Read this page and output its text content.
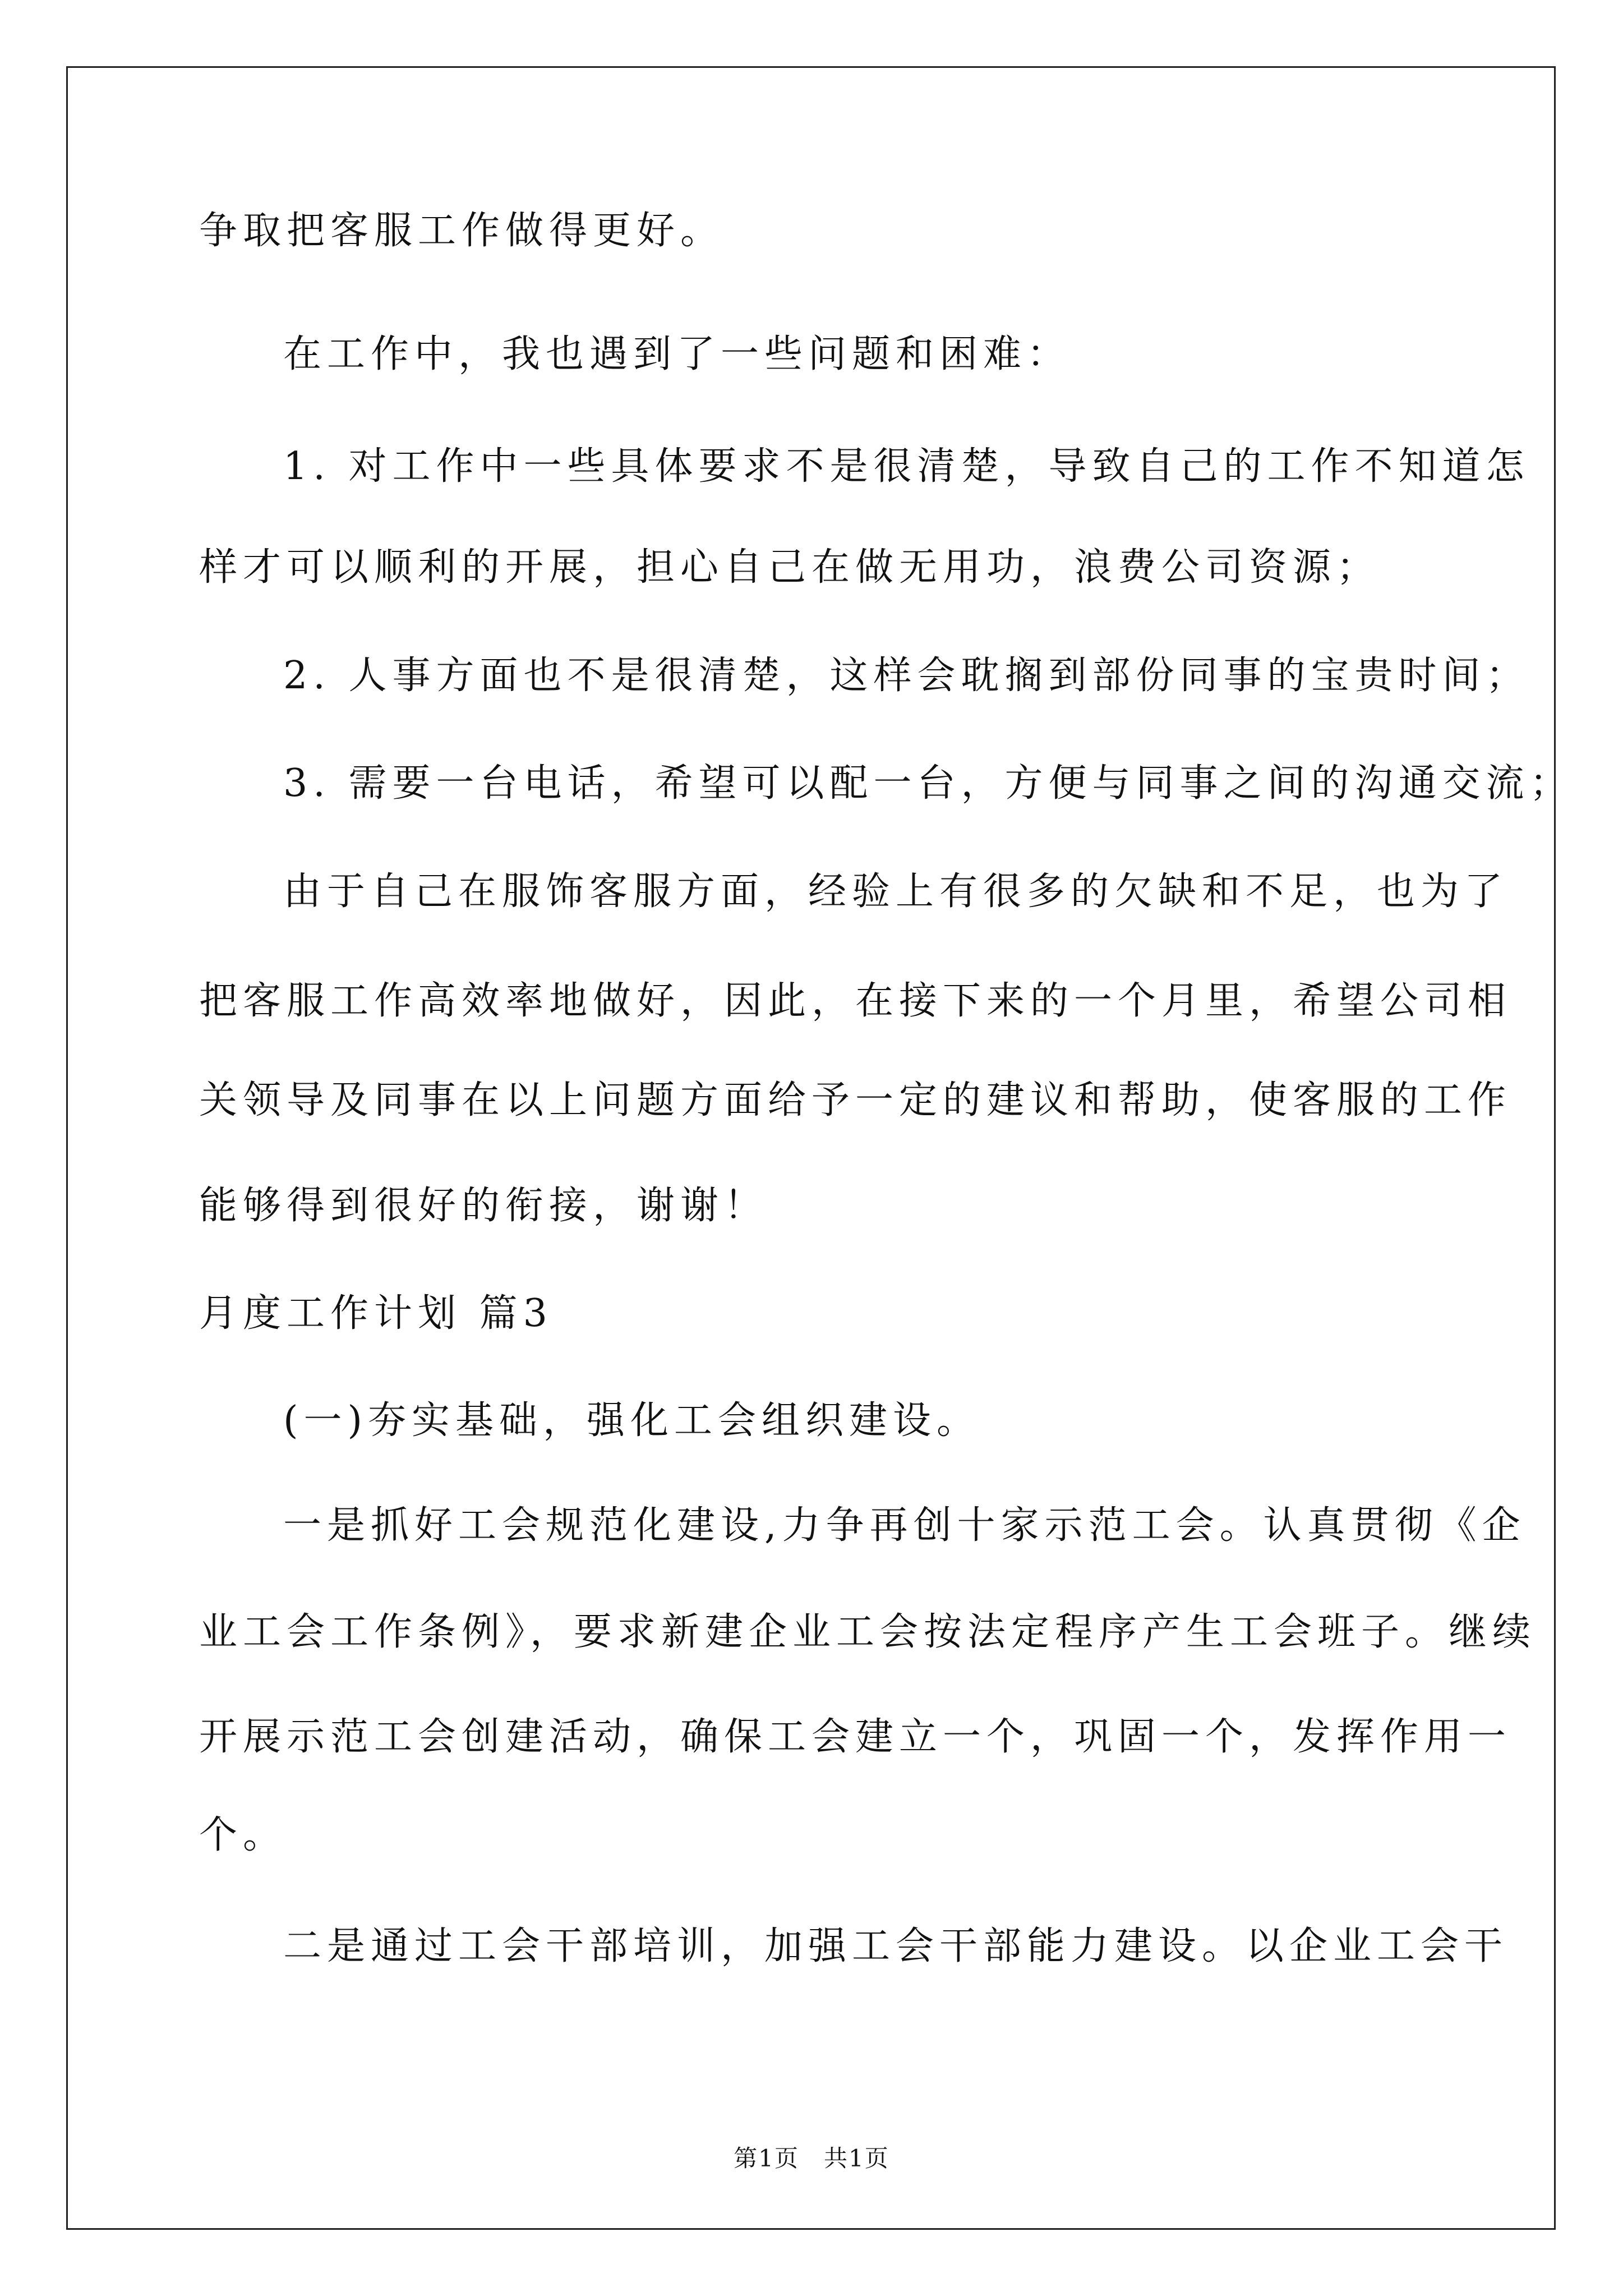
争取把客服工作做得更好。

在工作中，我也遇到了一些问题和困难：

1. 对工作中一些具体要求不是很清楚，导致自己的工作不知道怎

样才可以顺利的开展，担心自己在做无用功，浪费公司资源；

2. 人事方面也不是很清楚，这样会耽搁到部份同事的宝贵时间；

3. 需要一台电话，希望可以配一台，方便与同事之间的沟通交流；

由于自己在服饰客服方面，经验上有很多的欠缺和不足，也为了

把客服工作高效率地做好，因此，在接下来的一个月里，希望公司相

关领导及同事在以上问题方面给予一定的建议和帮助，使客服的工作

能够得到很好的衔接，谢谢！

月度工作计划 篇3

(一)夯实基础，强化工会组织建设。

一是抓好工会规范化建设,力争再创十家示范工会。认真贯彻《企

业工会工作条例》，要求新建企业工会按法定程序产生工会班子。继续

开展示范工会创建活动，确保工会建立一个，巩固一个，发挥作用一

个。

二是通过工会干部培训，加强工会干部能力建设。以企业工会干

第1页　共1页
